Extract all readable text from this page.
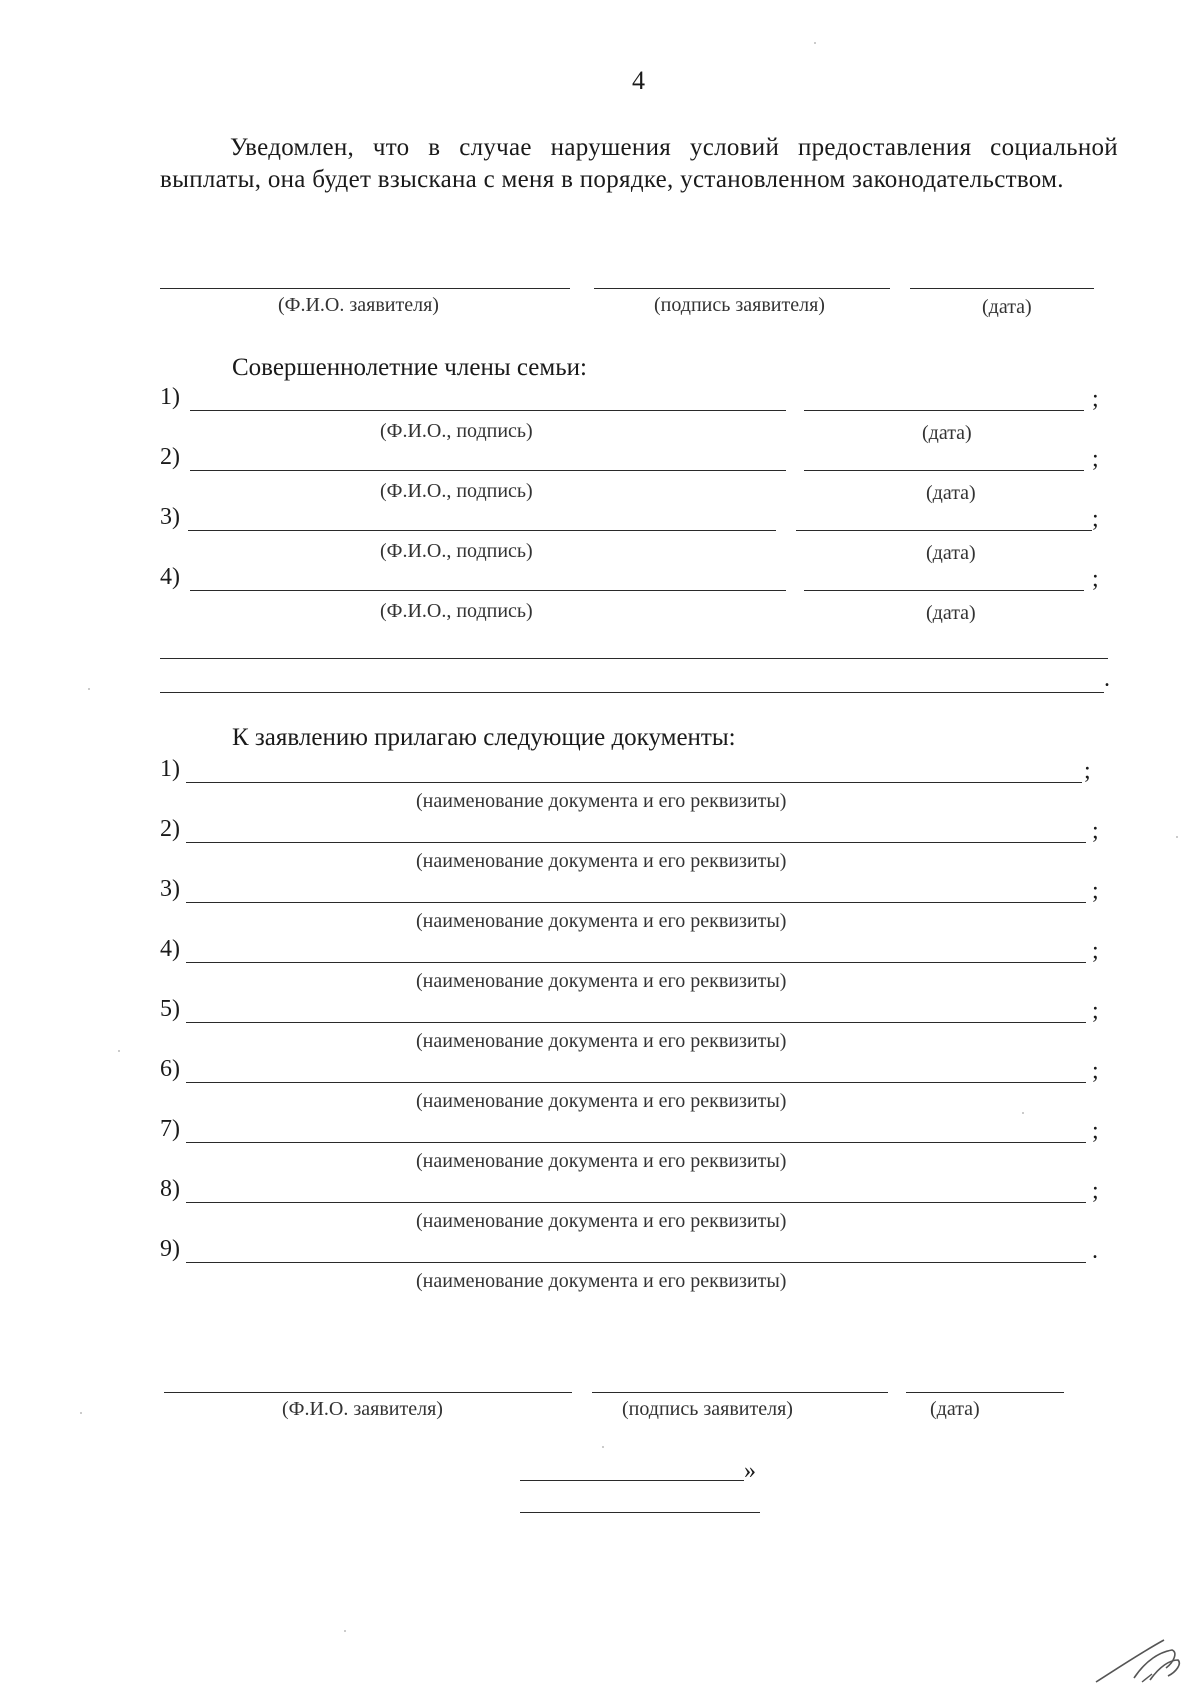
4
Уведомлен, что в случае нарушения условий предоставления социальной выплаты, она будет взыскана с меня в порядке, установленном законодательством.
(Ф.И.О. заявителя)	(подпись заявителя)	(дата)
Совершеннолетние члены семьи:
1)	;
(Ф.И.О., подпись)	(дата)
2)	;
(Ф.И.О., подпись)	(дата)
3)	;
(Ф.И.О., подпись)	(дата)
4)	;
(Ф.И.О., подпись)	(дата)
.
К заявлению прилагаю следующие документы:
1)	;
(наименование документа и его реквизиты)
2)	;
(наименование документа и его реквизиты)
3)	;
(наименование документа и его реквизиты)
4)	;
(наименование документа и его реквизиты)
5)	;
(наименование документа и его реквизиты)
6)	;
(наименование документа и его реквизиты)
7)	;
(наименование документа и его реквизиты)
8)	;
(наименование документа и его реквизиты)
9)	.
(наименование документа и его реквизиты)
(Ф.И.О. заявителя)	(подпись заявителя)	(дата)
»
